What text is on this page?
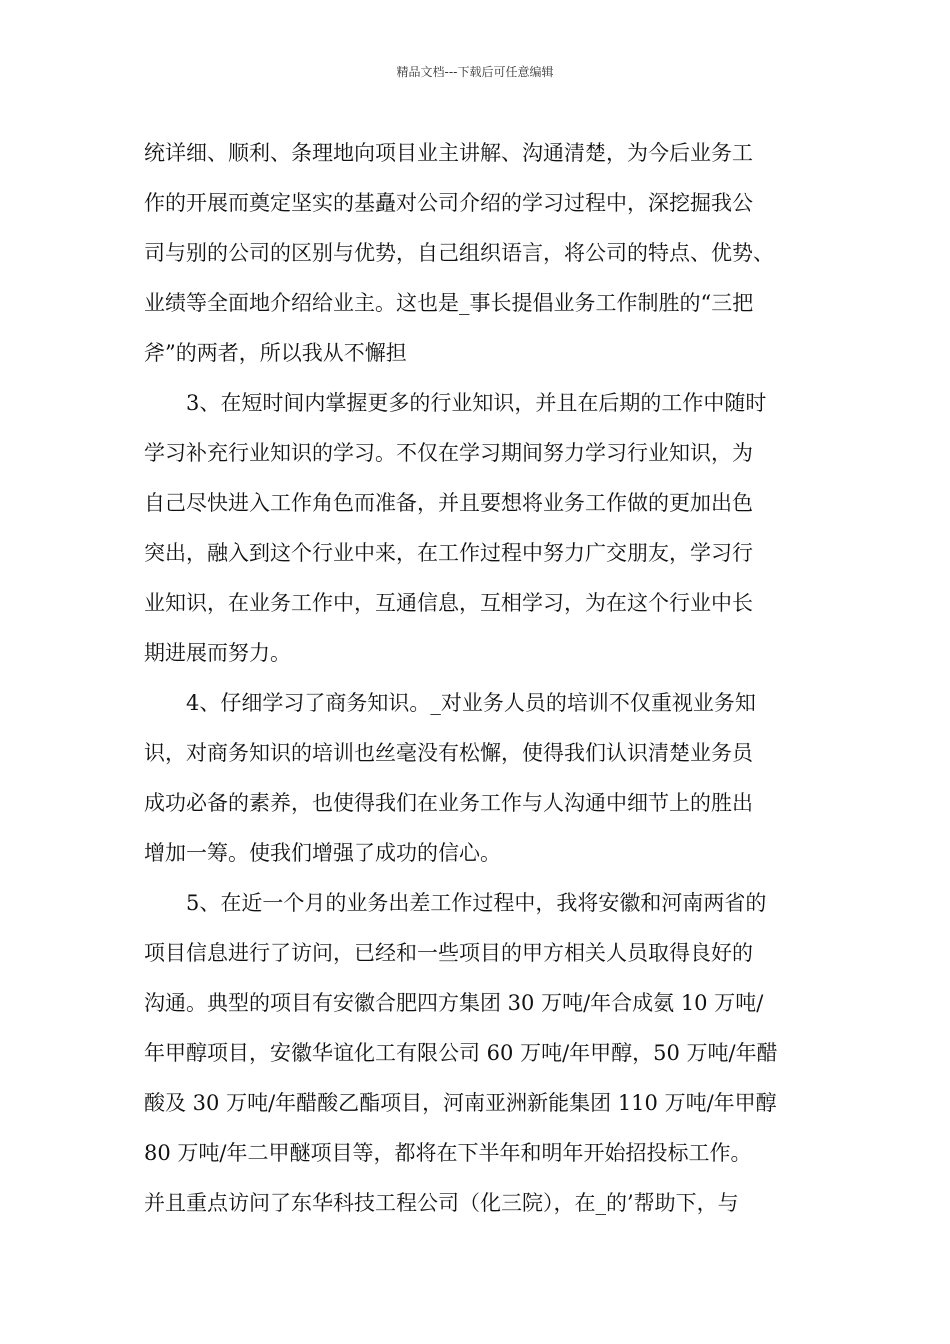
精品文档---下载后可任意编辑
统详细、顺利、条理地向项目业主讲解、沟通清楚，为今后业务工
作的开展而奠定坚实的基矗对公司介绍的学习过程中，深挖掘我公
司与别的公司的区别与优势，自己组织语言，将公司的特点、优势、
业绩等全面地介绍给业主。这也是_事长提倡业务工作制胜的“三把
斧”的两者，所以我从不懈担
3、在短时间内掌握更多的行业知识，并且在后期的工作中随时
学习补充行业知识的学习。不仅在学习期间努力学习行业知识，为
自己尽快进入工作角色而准备，并且要想将业务工作做的更加出色
突出，融入到这个行业中来，在工作过程中努力广交朋友，学习行
业知识，在业务工作中，互通信息，互相学习，为在这个行业中长
期进展而努力。
4、仔细学习了商务知识。_对业务人员的培训不仅重视业务知
识，对商务知识的培训也丝毫没有松懈，使得我们认识清楚业务员
成功必备的素养，也使得我们在业务工作与人沟通中细节上的胜出
增加一筹。使我们增强了成功的信心。
5、在近一个月的业务出差工作过程中，我将安徽和河南两省的
项目信息进行了访问，已经和一些项目的甲方相关人员取得良好的
沟通。典型的项目有安徽合肥四方集团 30 万吨/年合成氨 10 万吨/
年甲醇项目，安徽华谊化工有限公司 60 万吨/年甲醇，50 万吨/年醋
酸及 30 万吨/年醋酸乙酯项目，河南亚洲新能集团 110 万吨/年甲醇
80 万吨/年二甲醚项目等，都将在下半年和明年开始招投标工作。
并且重点访问了东华科技工程公司（化三院），在_的’帮助下，与
